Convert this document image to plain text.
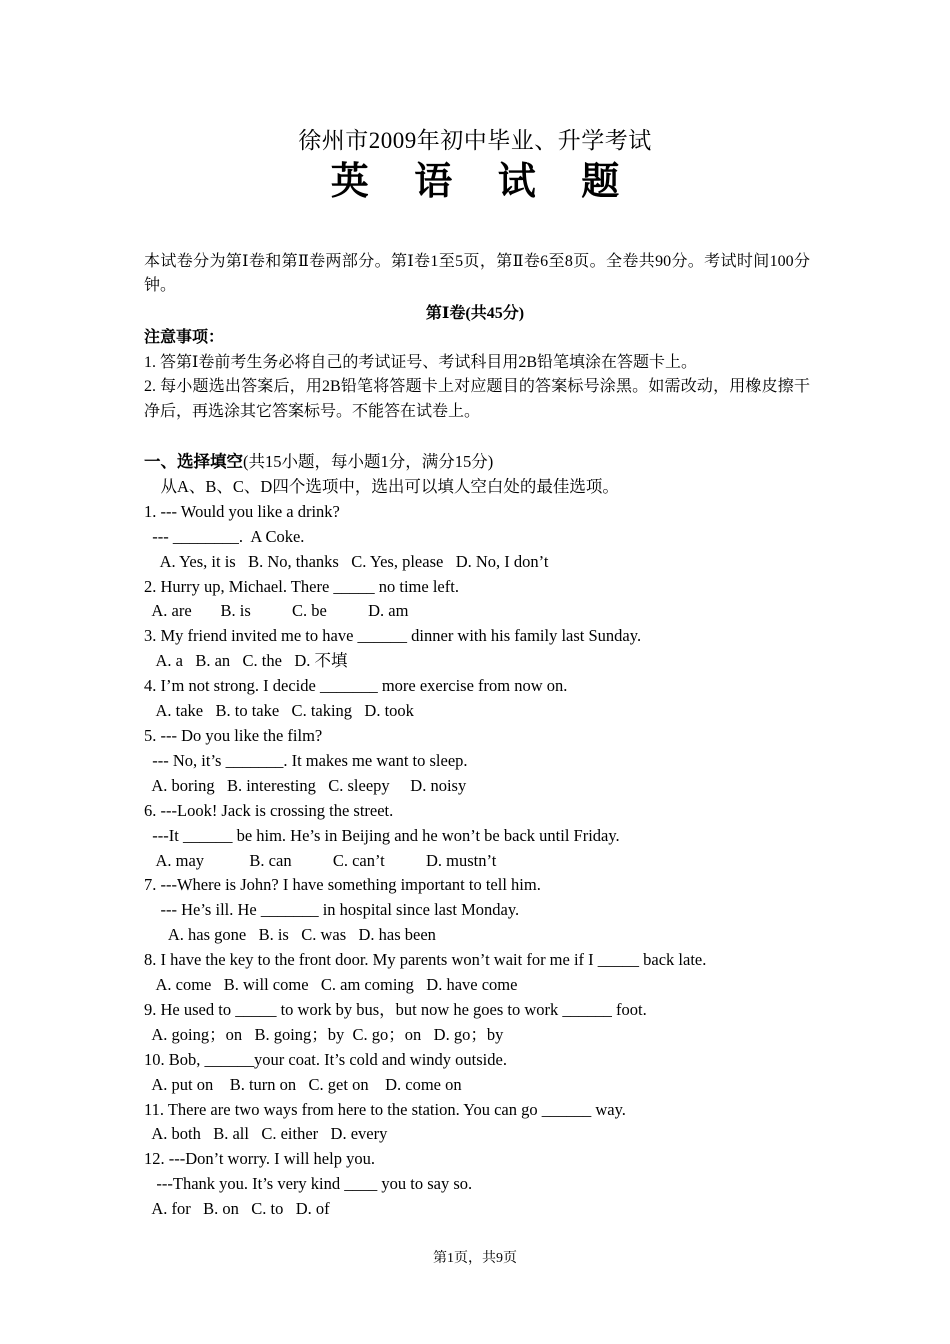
徐州市2009年初中毕业、升学考试
英 语 试 题
本试卷分为第Ⅰ卷和第Ⅱ卷两部分。第Ⅰ卷1至5页，第Ⅱ卷6至8页。全卷共90分。考试时间100分钟。
第Ⅰ卷(共45分)
注意事项：
1. 答第Ⅰ卷前考生务必将自己的考试证号、考试科目用2B铅笔填涂在答题卡上。
2. 每小题选出答案后，用2B铅笔将答题卡上对应题目的答案标号涂黑。如需改动，用橡皮擦干净后，再选涂其它答案标号。不能答在试卷上。
一、选择填空(共15小题，每小题1分，满分15分)
从A、B、C、D四个选项中，选出可以填人空白处的最佳选项。
1. --- Would you like a drink?
--- ________.  A Coke.
A. Yes, it is   B. No, thanks   C. Yes, please   D. No, I don’t
2. Hurry up, Michael. There _____ no time left.
A. are       B. is          C. be          D. am
3. My friend invited me to have ______ dinner with his family last Sunday.
A. a   B. an   C. the   D. 不填
4. I’m not strong. I decide _______ more exercise from now on.
A. take   B. to take   C. taking   D. took
5. --- Do you like the film?
--- No, it’s _______. It makes me want to sleep.
A. boring   B. interesting   C. sleepy     D. noisy
6. ---Look! Jack is crossing the street.
---It ______ be him. He’s in Beijing and he won’t be back until Friday.
A. may           B. can          C. can’t          D. mustn’t
7. ---Where is John? I have something important to tell him.
--- He’s ill. He _______ in hospital since last Monday.
A. has gone   B. is   C. was   D. has been
8. I have the key to the front door. My parents won’t wait for me if I _____ back late.
A. come   B. will come   C. am coming   D. have come
9. He used to _____ to work by bus，but now he goes to work ______ foot.
A. going；on   B. going；by  C. go；on   D. go；by
10. Bob, ______your coat. It’s cold and windy outside.
A. put on    B. turn on   C. get on    D. come on
11. There are two ways from here to the station. You can go ______ way.
A. both   B. all   C. either   D. every
12. ---Don’t worry. I will help you.
---Thank you. It’s very kind ____ you to say so.
A. for   B. on   C. to   D. of
第1页，共9页
